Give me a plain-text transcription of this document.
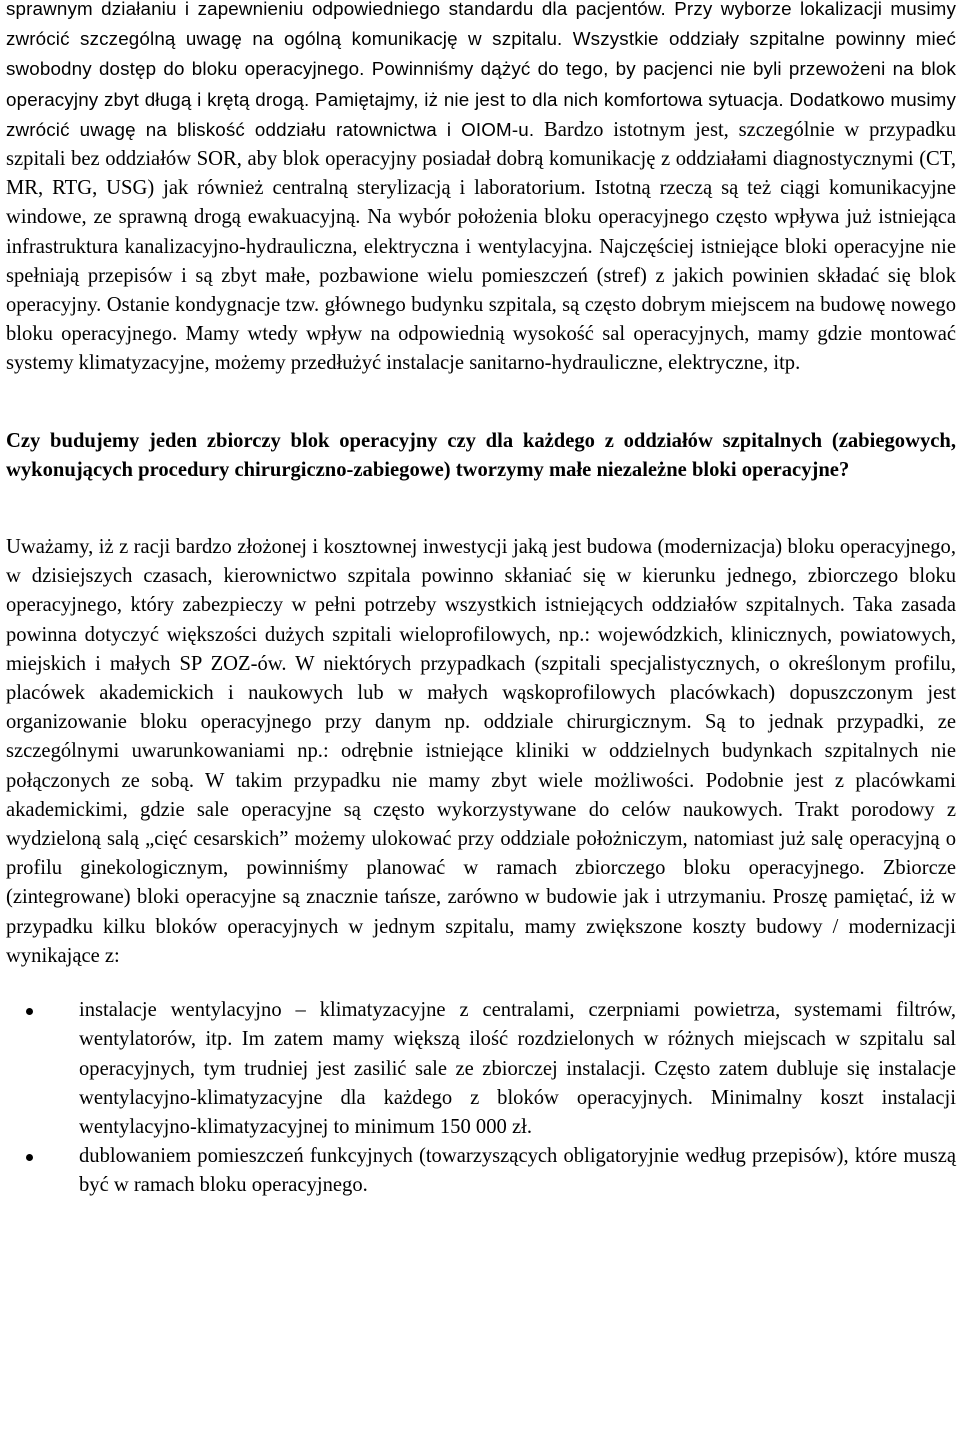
sprawnym działaniu i zapewnieniu odpowiedniego standardu dla pacjentów. Przy wyborze lokalizacji musimy zwrócić szczególną uwagę na ogólną komunikację w szpitalu. Wszystkie oddziały szpitalne powinny mieć swobodny dostęp do bloku operacyjnego. Powinniśmy dążyć do tego, by pacjenci nie byli przewożeni na blok operacyjny zbyt długą i krętą drogą. Pamiętajmy, iż nie jest to dla nich komfortowa sytuacja. Dodatkowo musimy zwrócić uwagę na bliskość oddziału ratownictwa i OIOM-u. Bardzo istotnym jest, szczególnie w przypadku szpitali bez oddziałów SOR, aby blok operacyjny posiadał dobrą komunikację z oddziałami diagnostycznymi (CT, MR, RTG, USG) jak również centralną sterylizacją i laboratorium. Istotną rzeczą są też ciągi komunikacyjne windowe, ze sprawną drogą ewakuacyjną. Na wybór położenia bloku operacyjnego często wpływa już istniejąca infrastruktura kanalizacyjno-hydrauliczna, elektryczna i wentylacyjna. Najczęściej istniejące bloki operacyjne nie spełniają przepisów i są zbyt małe, pozbawione wielu pomieszczeń (stref) z jakich powinien składać się blok operacyjny. Ostanie kondygnacje tzw. głównego budynku szpitala, są często dobrym miejscem na budowę nowego bloku operacyjnego. Mamy wtedy wpływ na odpowiednią wysokość sal operacyjnych, mamy gdzie montować systemy klimatyzacyjne, możemy przedłużyć instalacje sanitarno-hydrauliczne, elektryczne, itp.

Czy budujemy jeden zbiorczy blok operacyjny czy dla każdego z oddziałów szpitalnych (zabiegowych, wykonujących procedury chirurgiczno-zabiegowe) tworzymy małe niezależne bloki operacyjne?

Uważamy, iż z racji bardzo złożonej i kosztownej inwestycji jaką jest budowa (modernizacja) bloku operacyjnego, w dzisiejszych czasach, kierownictwo szpitala powinno skłaniać się w kierunku jednego, zbiorczego bloku operacyjnego, który zabezpieczy w pełni potrzeby wszystkich istniejących oddziałów szpitalnych. Taka zasada powinna dotyczyć większości dużych szpitali wieloprofilowych, np.: wojewódzkich, klinicznych, powiatowych, miejskich i małych SP ZOZ-ów. W niektórych przypadkach (szpitali specjalistycznych, o określonym profilu, placówek akademickich i naukowych lub w małych wąskoprofilowych placówkach) dopuszczonym jest organizowanie bloku operacyjnego przy danym np. oddziale chirurgicznym. Są to jednak przypadki, ze szczególnymi uwarunkowaniami np.: odrębnie istniejące kliniki w oddzielnych budynkach szpitalnych nie połączonych ze sobą. W takim przypadku nie mamy zbyt wiele możliwości. Podobnie jest z placówkami akademickimi, gdzie sale operacyjne są często wykorzystywane do celów naukowych. Trakt porodowy z wydzieloną salą „cięć cesarskich” możemy ulokować przy oddziale położniczym, natomiast już salę operacyjną o profilu ginekologicznym, powinniśmy planować w ramach zbiorczego bloku operacyjnego. Zbiorcze (zintegrowane) bloki operacyjne są znacznie tańsze, zarówno w budowie jak i utrzymaniu. Proszę pamiętać, iż w przypadku kilku bloków operacyjnych w jednym szpitalu, mamy zwiększone koszty budowy / modernizacji wynikające z:

instalacje wentylacyjno – klimatyzacyjne z centralami, czerpniami powietrza, systemami filtrów, wentylatorów, itp. Im zatem mamy większą ilość rozdzielonych w różnych miejscach w szpitalu sal operacyjnych, tym trudniej jest zasilić sale ze zbiorczej instalacji. Często zatem dubluje się instalacje wentylacyjno-klimatyzacyjne dla każdego z bloków operacyjnych. Minimalny koszt instalacji wentylacyjno-klimatyzacyjnej to minimum 150 000 zł.
dublowaniem pomieszczeń funkcyjnych (towarzyszących obligatoryjnie według przepisów), które muszą być w ramach bloku operacyjnego.
